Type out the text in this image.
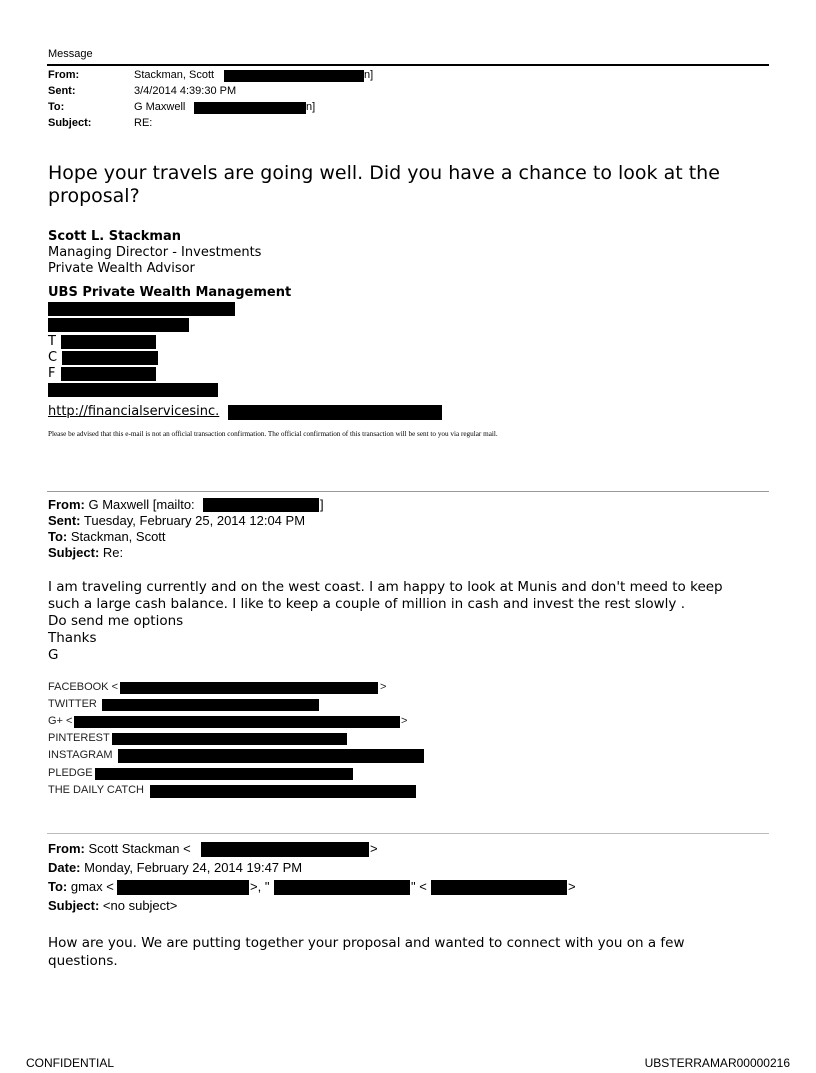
Message
From:	Stackman, Scott	n]
Sent:	3/4/2014 4:39:30 PM
To:	G Maxwell	n]
Subject:	RE:
Hope your travels are going well. Did you have a chance to look at the
proposal?
Scott L. Stackman
Managing Director - Investments
Private Wealth Advisor
UBS Private Wealth Management
T
C
F
http://financialservicesinc.
Please be advised that this e-mail is not an official transaction confirmation. The official confirmation of this transaction will be sent to you via regular mail.
From: G Maxwell [mailto:	]
Sent: Tuesday, February 25, 2014 12:04 PM
To: Stackman, Scott
Subject: Re:
I am traveling currently and on the west coast. I am happy to look at Munis and don't meed to keep
such a large cash balance. I like to keep a couple of million in cash and invest the rest slowly .
Do send me options
Thanks
G
FACEBOOK <	>
TWITTER
G+ <	>
PINTEREST
INSTAGRAM
PLEDGE
THE DAILY CATCH
From: Scott Stackman <	>
Date: Monday, February 24, 2014 19:47 PM
To: gmax <	>, "	" <	>
Subject: <no subject>
How are you. We are putting together your proposal and wanted to connect with you on a few
questions.
CONFIDENTIAL	UBSTERRAMAR00000216
